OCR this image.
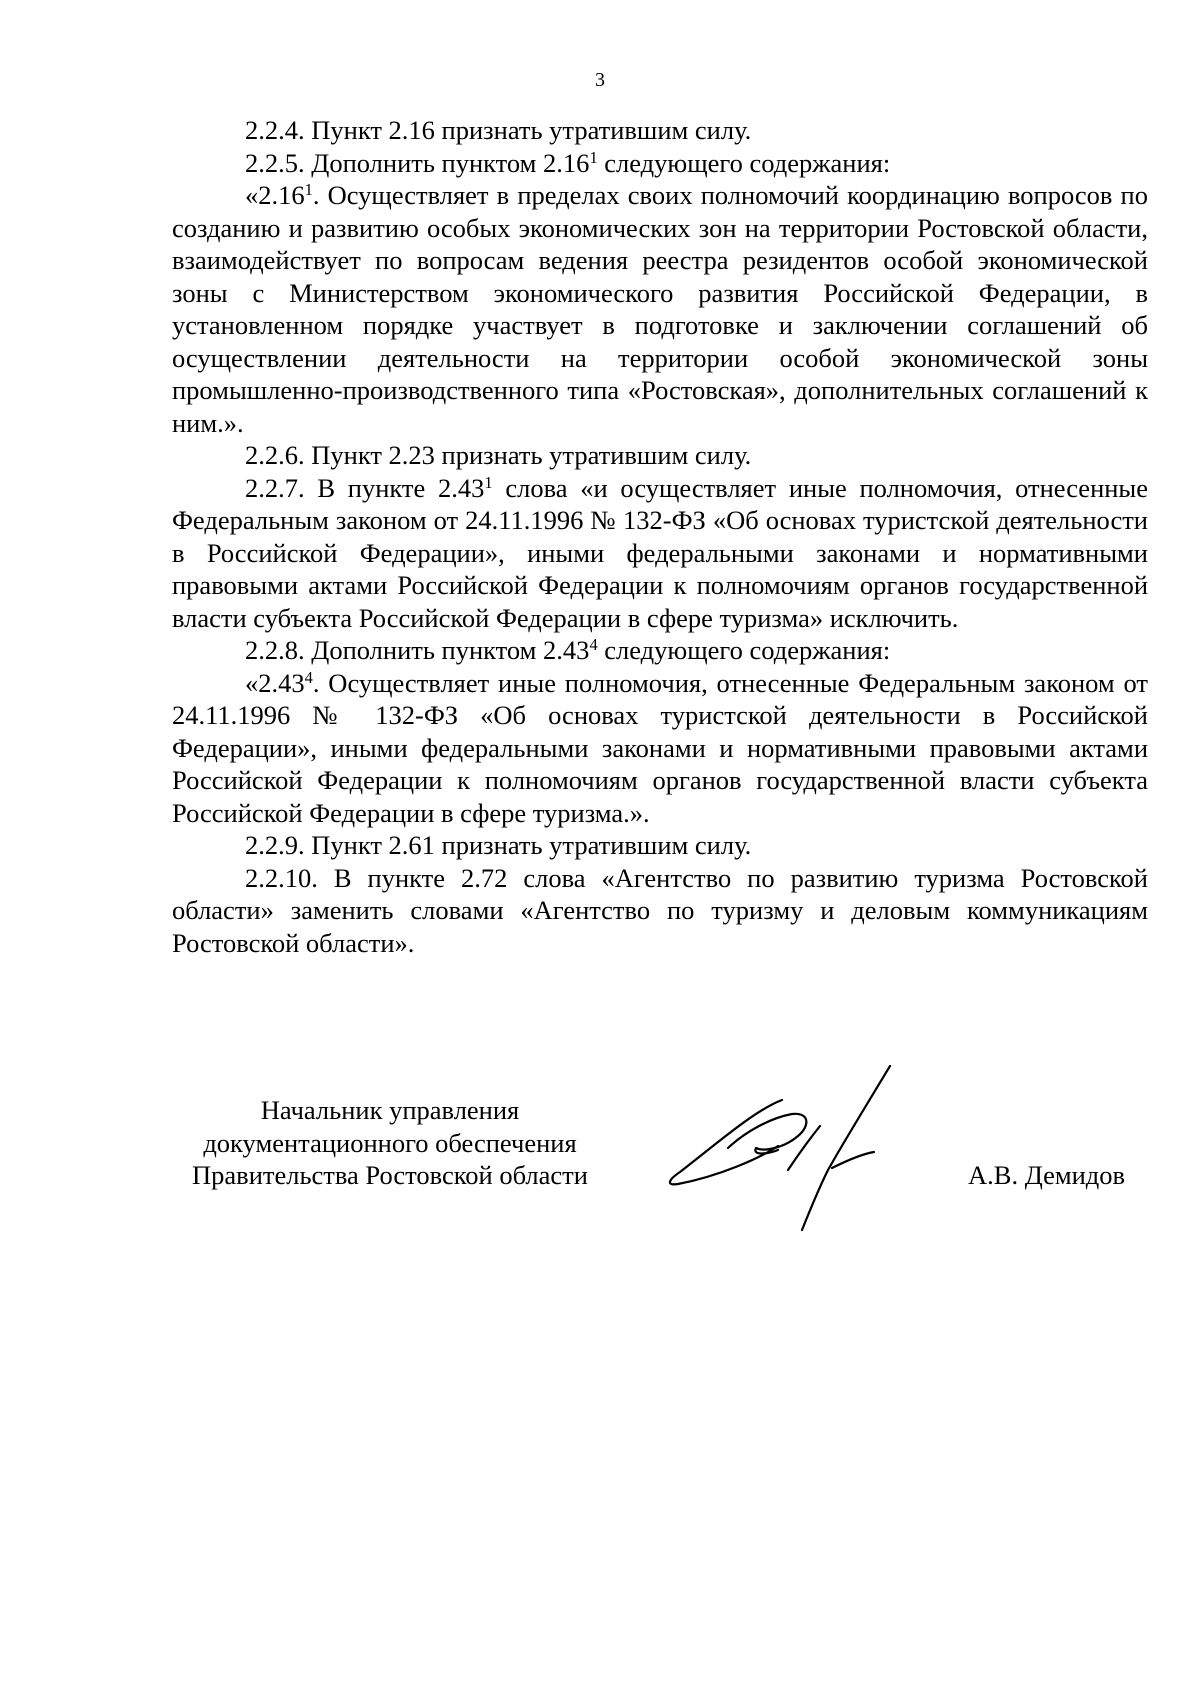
3

2.2.4. Пункт 2.16 признать утратившим силу.

2.2.5. Дополнить пунктом 2.16$^1$ следующего содержания:

«2.16$^1$. Осуществляет в пределах своих полномочий координацию вопросов по созданию и развитию особых экономических зон на территории Ростовской области, взаимодействует по вопросам ведения реестра резидентов особой экономической зоны с Министерством экономического развития Российской Федерации, в установленном порядке участвует в подготовке и заключении соглашений об осуществлении деятельности на территории особой экономической зоны промышленно-производственного типа «Ростовская», дополнительных соглашений к ним.».

2.2.6. Пункт 2.23 признать утратившим силу.

2.2.7. В пункте 2.43$^1$ слова «и осуществляет иные полномочия, отнесенные Федеральным законом от 24.11.1996 № 132-ФЗ «Об основах туристской деятельности в Российской Федерации», иными федеральными законами и нормативными правовыми актами Российской Федерации к полномочиям органов государственной власти субъекта Российской Федерации в сфере туризма» исключить.

2.2.8. Дополнить пунктом 2.43$^4$ следующего содержания:

«2.43$^4$. Осуществляет иные полномочия, отнесенные Федеральным законом от 24.11.1996 № 132-ФЗ «Об основах туристской деятельности в Российской Федерации», иными федеральными законами и нормативными правовыми актами Российской Федерации к полномочиям органов государственной власти субъекта Российской Федерации в сфере туризма.».

2.2.9. Пункт 2.61 признать утратившим силу.

2.2.10. В пункте 2.72 слова «Агентство по развитию туризма Ростовской области» заменить словами «Агентство по туризму и деловым коммуникациям Ростовской области».

Начальник управления
документационного обеспечения
Правительства Ростовской области	А.В. Демидов
